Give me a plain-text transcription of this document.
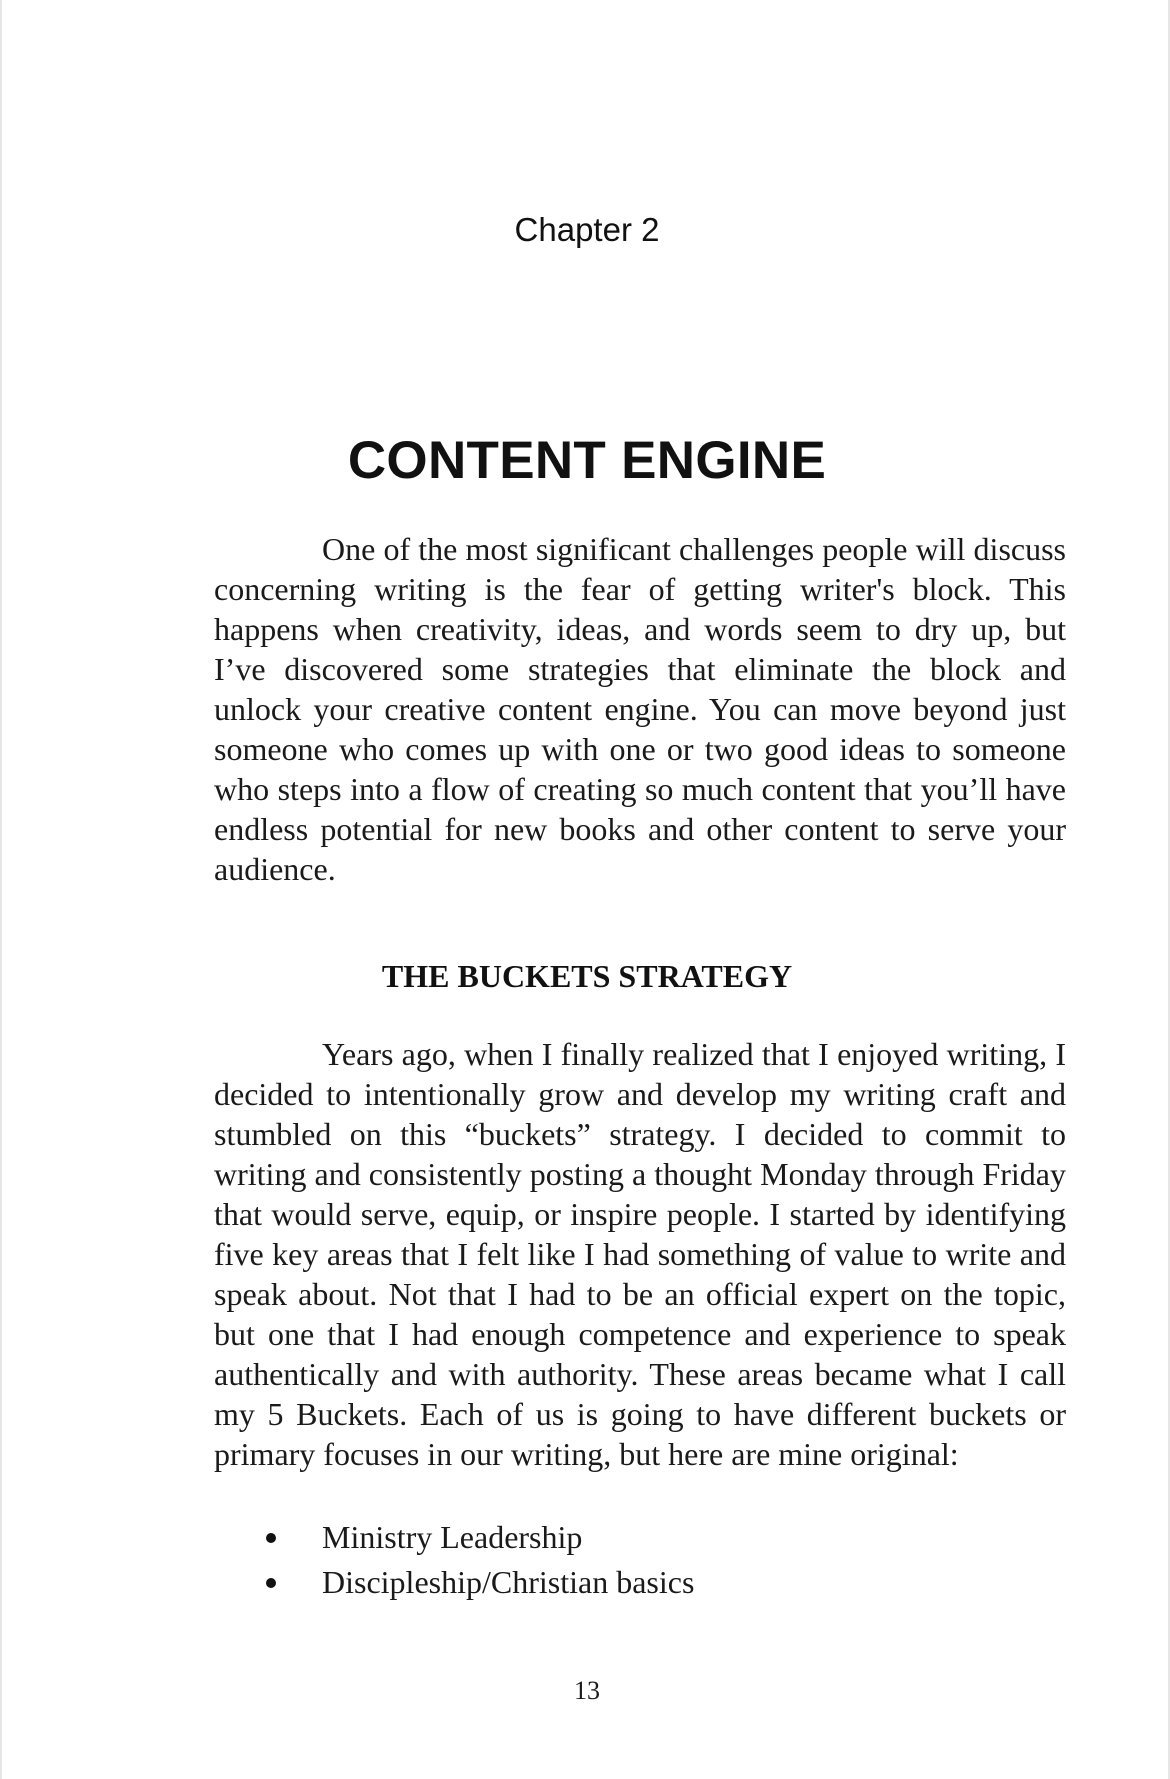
Chapter 2
CONTENT ENGINE

One of the most significant challenges people will discuss concerning writing is the fear of getting writer's block. This happens when creativity, ideas, and words seem to dry up, but I’ve discovered some strategies that eliminate the block and unlock your creative content engine. You can move beyond just someone who comes up with one or two good ideas to someone who steps into a flow of creating so much content that you’ll have endless potential for new books and other content to serve your audience.

THE BUCKETS STRATEGY

Years ago, when I finally realized that I enjoyed writing, I decided to intentionally grow and develop my writing craft and stumbled on this “buckets” strategy. I decided to commit to writing and consistently posting a thought Monday through Friday that would serve, equip, or inspire people. I started by identifying five key areas that I felt like I had something of value to write and speak about. Not that I had to be an official expert on the topic, but one that I had enough competence and experience to speak authentically and with authority. These areas became what I call my 5 Buckets. Each of us is going to have different buckets or primary focuses in our writing, but here are mine original:

Ministry Leadership
Discipleship/Christian basics
13
